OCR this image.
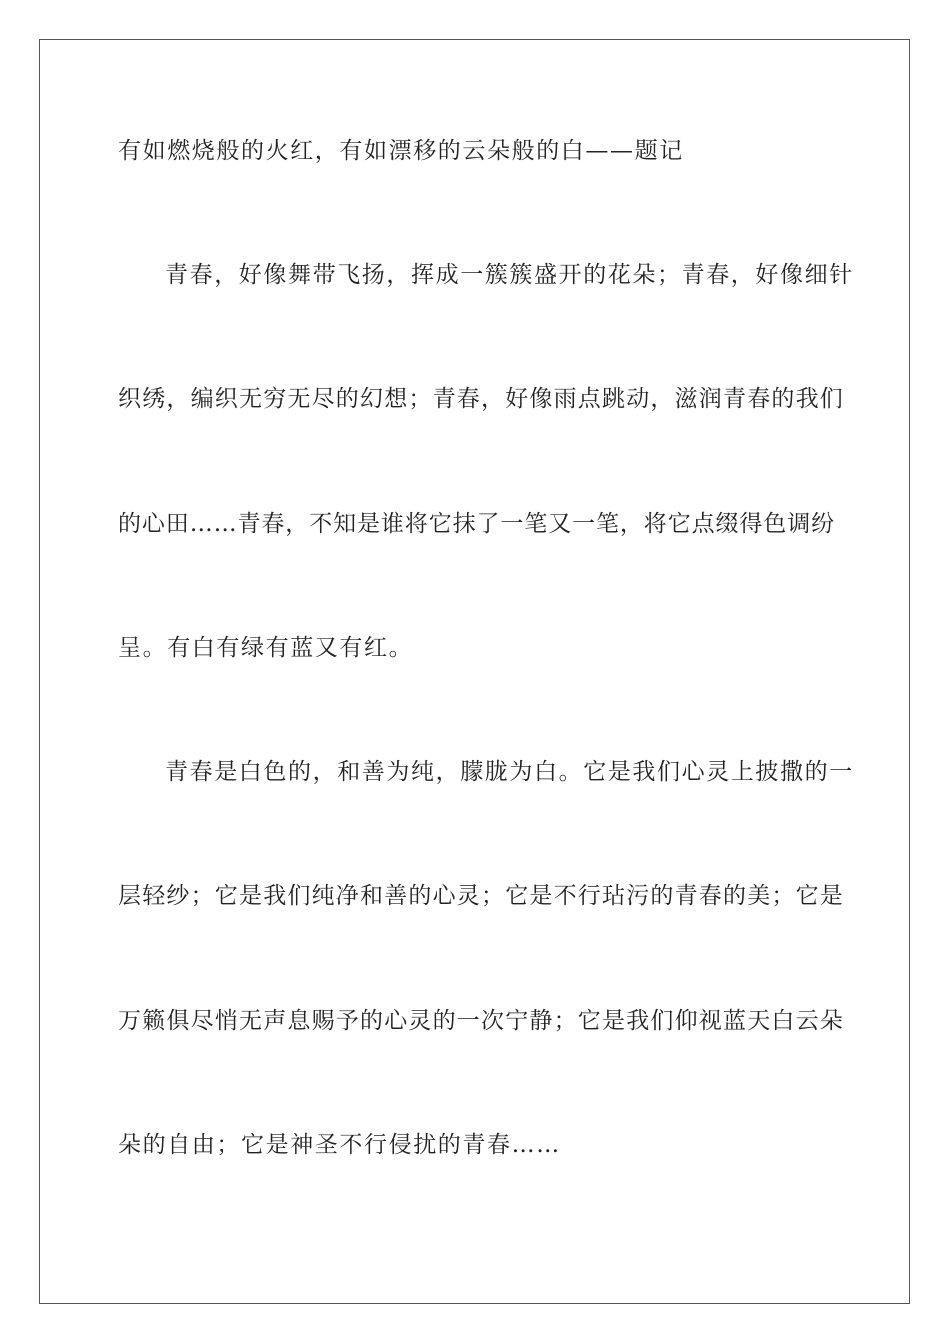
有如燃烧般的火红，有如漂移的云朵般的白——题记
青春，好像舞带飞扬，挥成一簇簇盛开的花朵；青春，好像细针
织绣，编织无穷无尽的幻想；青春，好像雨点跳动，滋润青春的我们
的心田……青春，不知是谁将它抹了一笔又一笔，将它点缀得色调纷
呈。有白有绿有蓝又有红。
青春是白色的，和善为纯，朦胧为白。它是我们心灵上披撒的一
层轻纱；它是我们纯净和善的心灵；它是不行玷污的青春的美；它是
万籁俱尽悄无声息赐予的心灵的一次宁静；它是我们仰视蓝天白云朵
朵的自由；它是神圣不行侵扰的青春……
